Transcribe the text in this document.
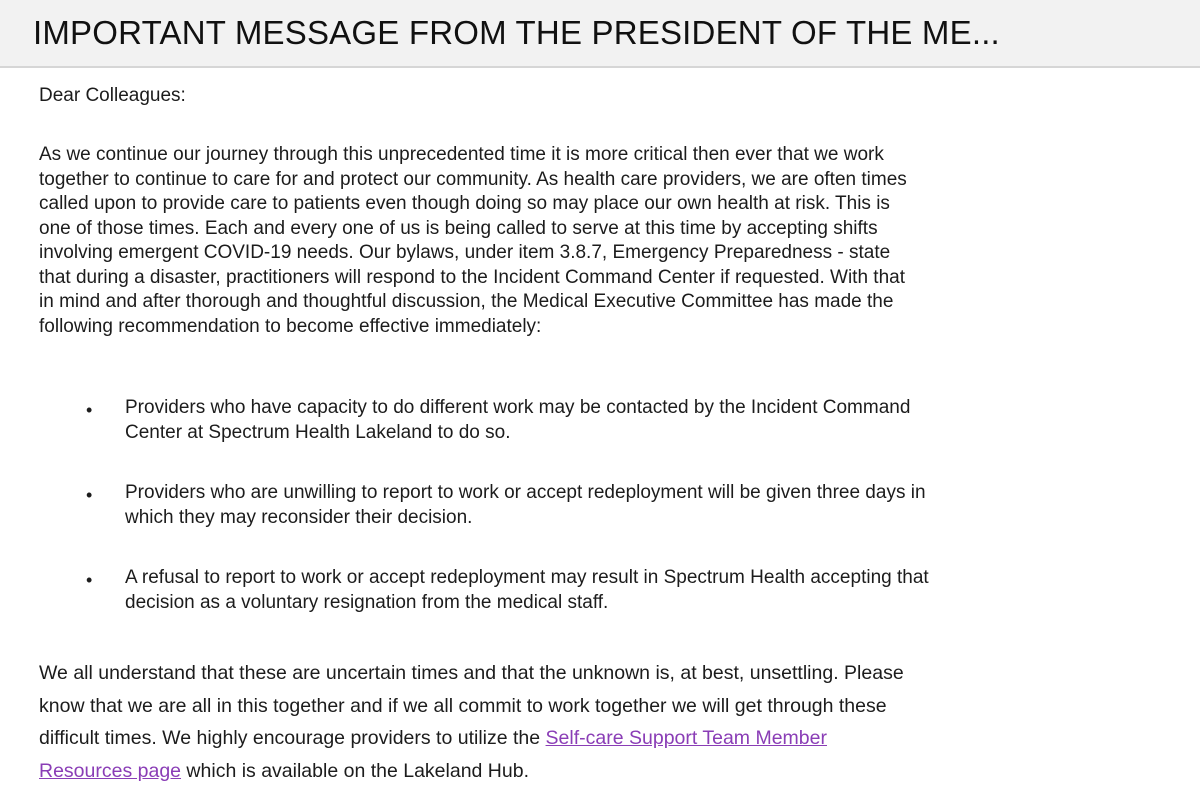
IMPORTANT MESSAGE FROM THE PRESIDENT OF THE ME...

Dear Colleagues:

As we continue our journey through this unprecedented time it is more critical then ever that we work
together to continue to care for and protect our community. As health care providers, we are often times
called upon to provide care to patients even though doing so may place our own health at risk. This is
one of those times. Each and every one of us is being called to serve at this time by accepting shifts
involving emergent COVID-19 needs. Our bylaws, under item 3.8.7, Emergency Preparedness - state
that during a disaster, practitioners will respond to the Incident Command Center if requested. With that
in mind and after thorough and thoughtful discussion, the Medical Executive Committee has made the
following recommendation to become effective immediately:

• Providers who have capacity to do different work may be contacted by the Incident Command
Center at Spectrum Health Lakeland to do so.
• Providers who are unwilling to report to work or accept redeployment will be given three days in
which they may reconsider their decision.
• A refusal to report to work or accept redeployment may result in Spectrum Health accepting that
decision as a voluntary resignation from the medical staff.

We all understand that these are uncertain times and that the unknown is, at best, unsettling. Please
know that we are all in this together and if we all commit to work together we will get through these
difficult times. We highly encourage providers to utilize the Self-care Support Team Member
Resources page which is available on the Lakeland Hub.
